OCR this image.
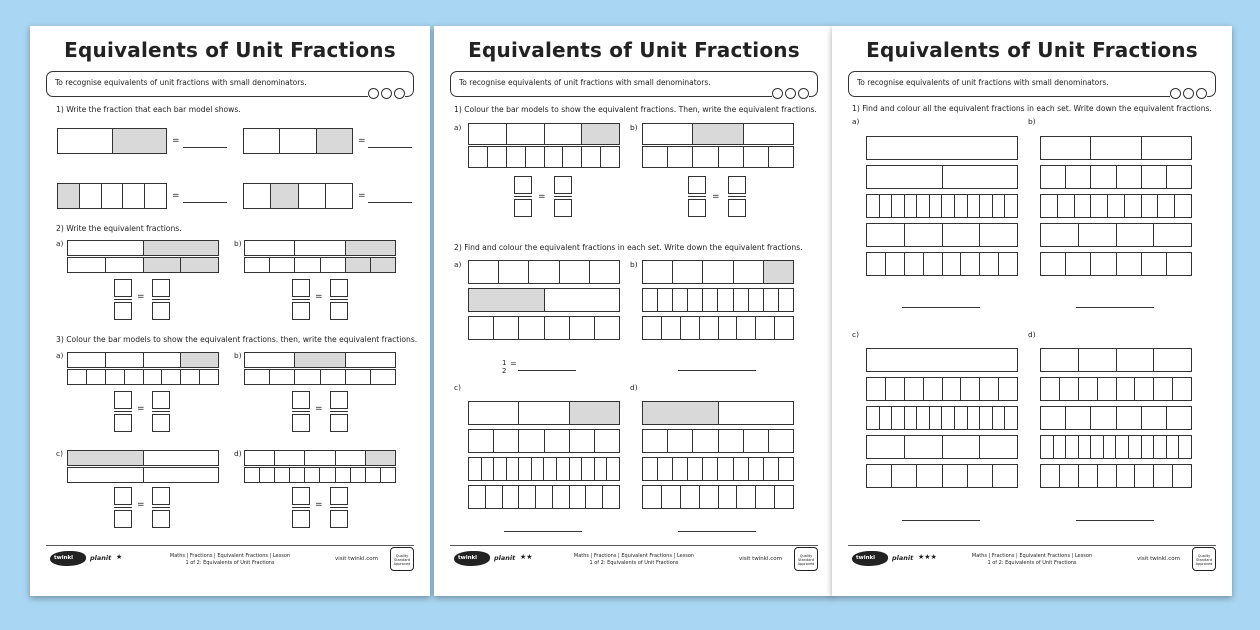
Equivalents of Unit Fractions
To recognise equivalents of unit fractions with small denominators.
1) Write the fraction that each bar model shows.
=	=
=	=
2) Write the equivalent fractions.
a)	b)
=	=
3) Colour the bar models to show the equivalent fractions. then, write the equivalent fractions.
a)	b)
=	=
c)	d)
=	=
twinkl	planit ★	Maths | Fractions | Equivalent Fractions | Lesson
1 of 2: Equivalents of Unit Fractions
visit twinkl.com	Quality Standard Approved
Equivalents of Unit Fractions
To recognise equivalents of unit fractions with small denominators.
1) Colour the bar models to show the equivalent fractions. Then, write the equivalent fractions.
a)	b)
=	=
2) Find and colour the equivalent fractions in each set. Write down the equivalent fractions.
a)	b)
1
2
=
c)	d)
twinkl	planit ★★	Maths | Fractions | Equivalent Fractions | Lesson
1 of 2: Equivalents of Unit Fractions
visit twinkl.com	Quality Standard Approved
Equivalents of Unit Fractions
To recognise equivalents of unit fractions with small denominators.
1) Find and colour all the equivalent fractions in each set. Write down the equivalent fractions.
a)	b)
c)	d)
twinkl	planit ★★★	Maths | Fractions | Equivalent Fractions | Lesson
1 of 2: Equivalents of Unit Fractions
visit twinkl.com	Quality Standard Approved
